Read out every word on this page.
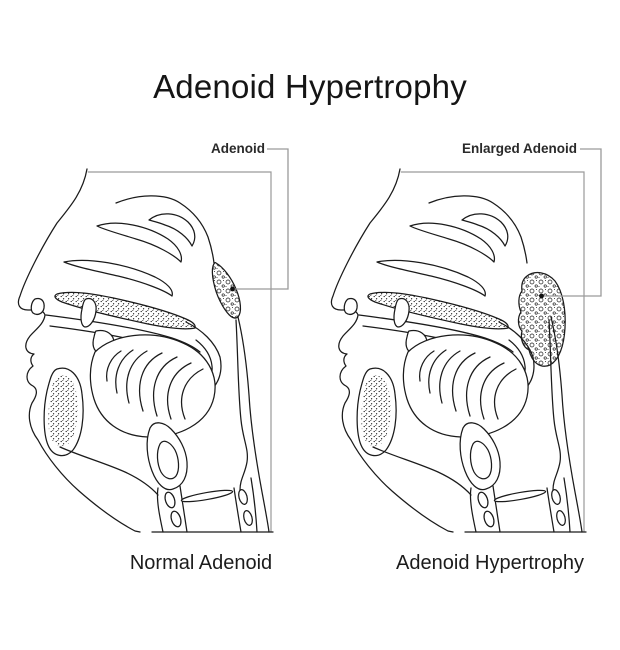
Adenoid Hypertrophy
Adenoid	Enlarged Adenoid
Normal Adenoid	Adenoid Hypertrophy
